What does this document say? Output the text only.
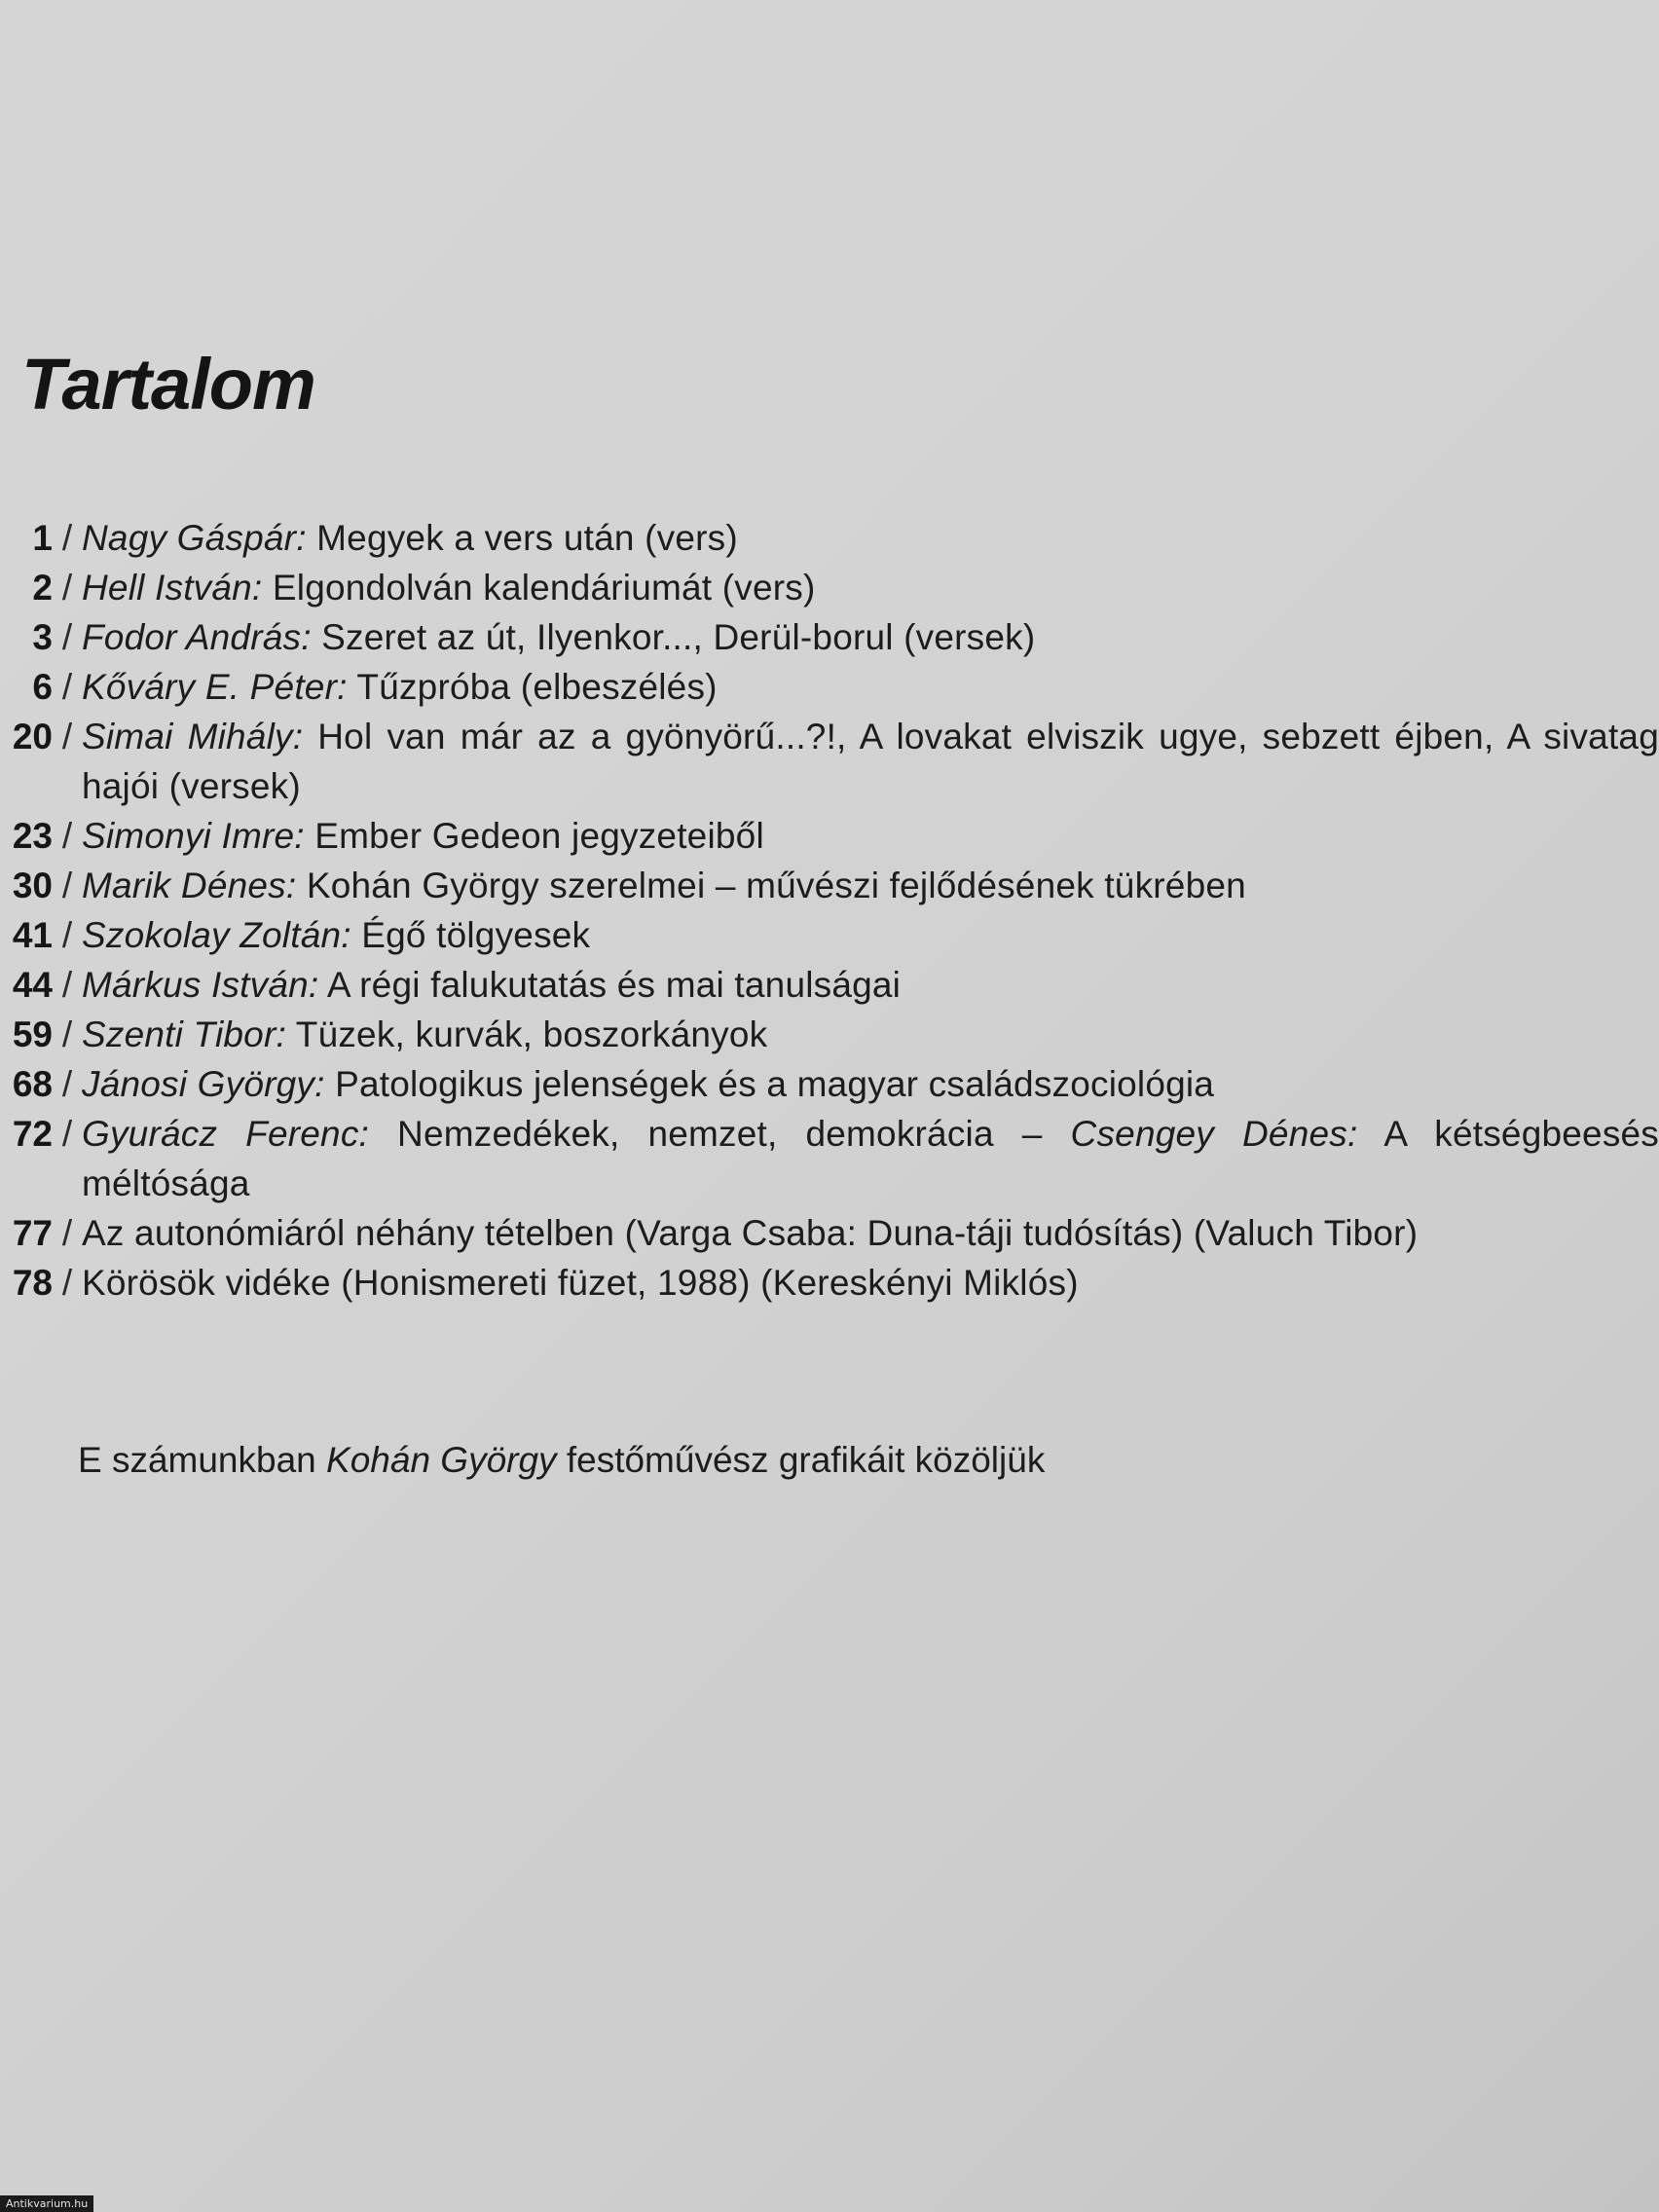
Tartalom
1 / Nagy Gáspár: Megyek a vers után (vers)
2 / Hell István: Elgondolván kalendáriumát (vers)
3 / Fodor András: Szeret az út, Ilyenkor..., Derül-borul (versek)
6 / Kőváry E. Péter: Tűzpróba (elbeszélés)
20 / Simai Mihály: Hol van már az a gyönyörű...?!, A lovakat elviszik ugye, sebzett éjben, A sivatag hajói (versek)
23 / Simonyi Imre: Ember Gedeon jegyzeteiből
30 / Marik Dénes: Kohán György szerelmei – művészi fejlődésének tükrében
41 / Szokolay Zoltán: Égő tölgyesek
44 / Márkus István: A régi falukutatás és mai tanulságai
59 / Szenti Tibor: Tüzek, kurvák, boszorkányok
68 / Jánosi György: Patologikus jelenségek és a magyar családszociológia
72 / Gyurácz Ferenc: Nemzedékek, nemzet, demokrácia – Csengey Dénes: A kétségbeesés méltósága
77 / Az autonómiáról néhány tételben (Varga Csaba: Duna-táji tudósítás) (Valuch Tibor)
78 / Körösök vidéke (Honismereti füzet, 1988) (Kereskényi Miklós)
E számunkban Kohán György festőművész grafikáit közöljük
Antikvarium.hu
